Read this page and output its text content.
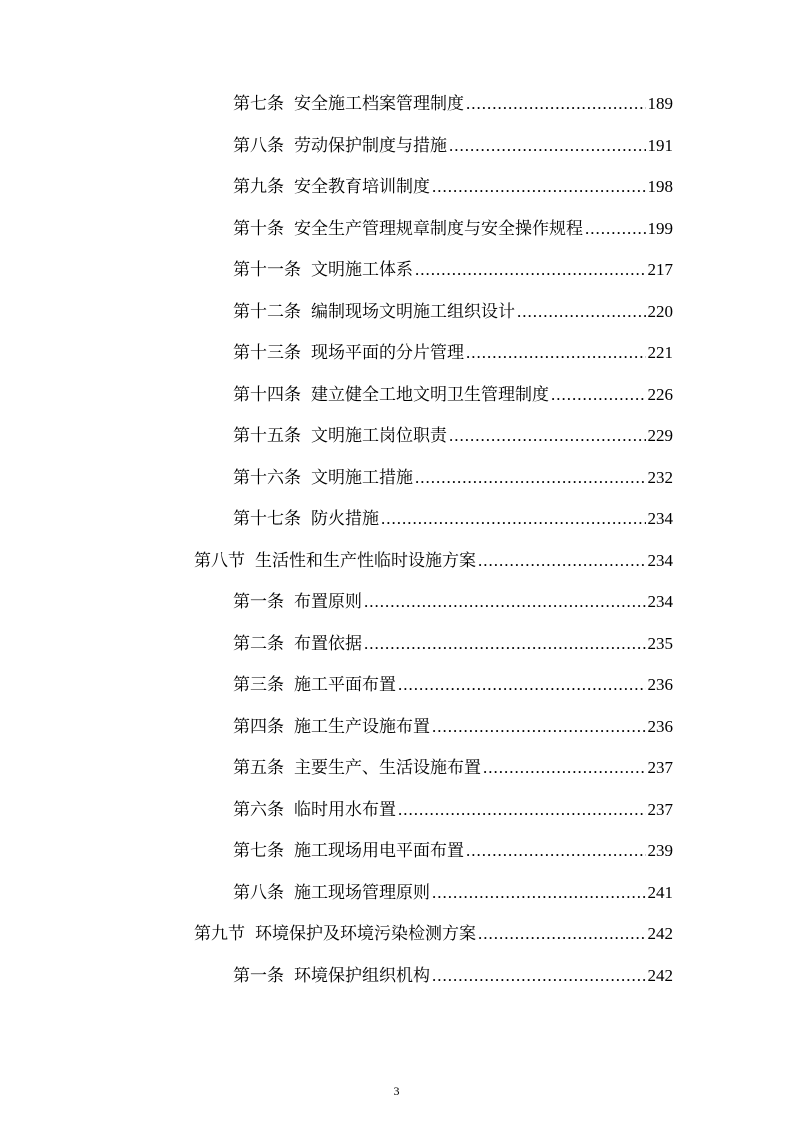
第七条 安全施工档案管理制度 .....	189
第八条 劳动保护制度与措施 .....	191
第九条 安全教育培训制度 .....	198
第十条 安全生产管理规章制度与安全操作规程 .....	199
第十一条 文明施工体系 .....	217
第十二条 编制现场文明施工组织设计 .....	220
第十三条 现场平面的分片管理 .....	221
第十四条 建立健全工地文明卫生管理制度 .....	226
第十五条 文明施工岗位职责 .....	229
第十六条 文明施工措施 .....	232
第十七条 防火措施 .....	234
第八节 生活性和生产性临时设施方案 .....	234
第一条 布置原则 .....	234
第二条 布置依据 .....	235
第三条 施工平面布置 .....	236
第四条 施工生产设施布置 .....	236
第五条 主要生产、生活设施布置 .....	237
第六条 临时用水布置 .....	237
第七条 施工现场用电平面布置 .....	239
第八条 施工现场管理原则 .....	241
第九节 环境保护及环境污染检测方案 .....	242
第一条 环境保护组织机构 .....	242
3
